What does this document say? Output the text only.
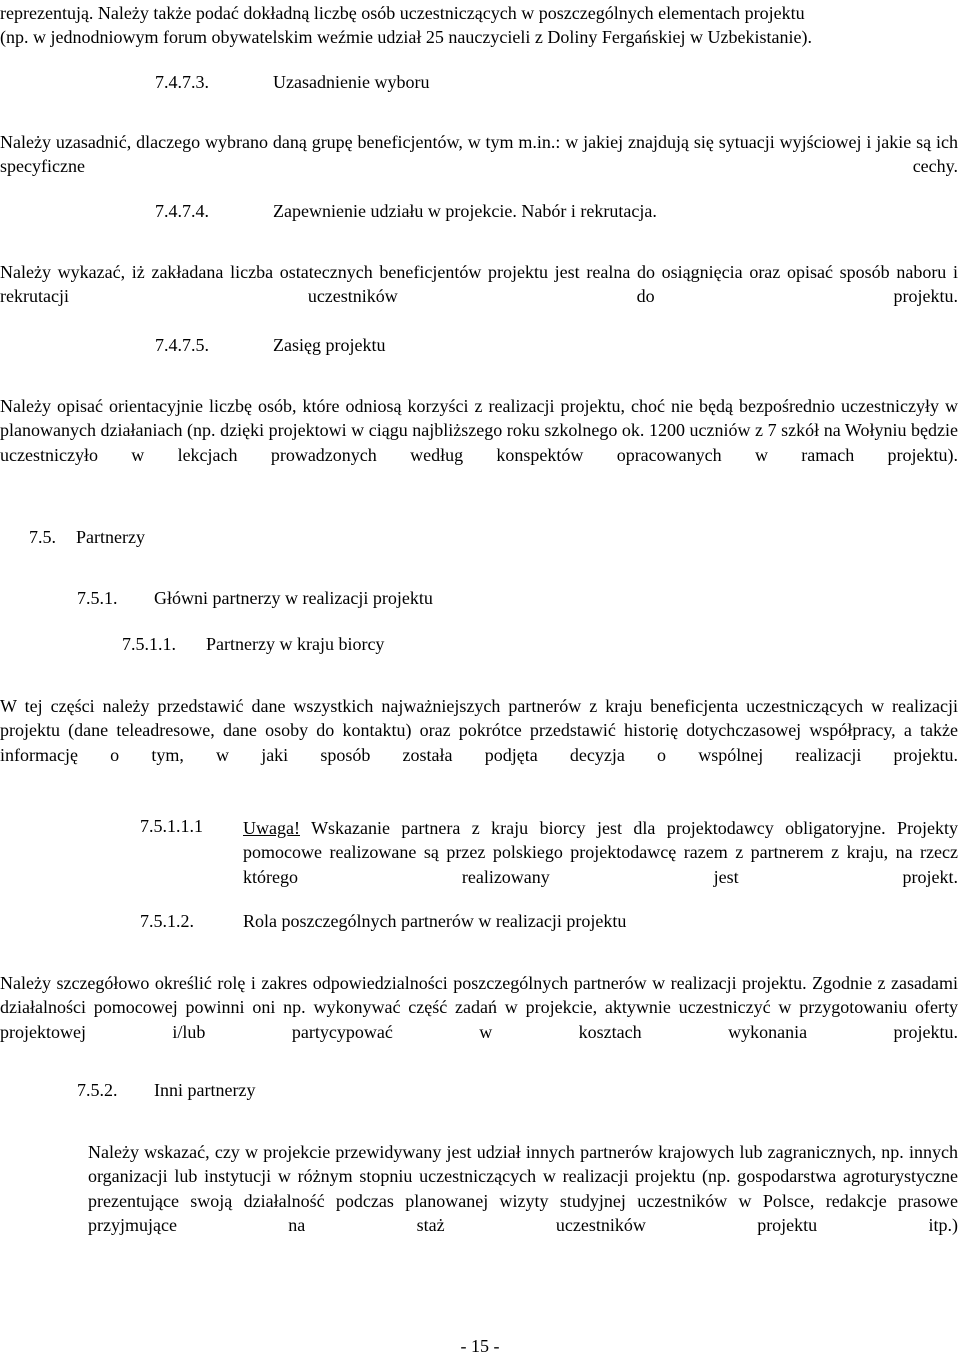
reprezentują. Należy także podać dokładną liczbę osób uczestniczących w poszczególnych elementach projektu

(np. w jednodniowym forum obywatelskim weźmie udział 25 nauczycieli z Doliny Fergańskiej w Uzbekistanie).

7.4.7.3.	Uzasadnienie wyboru

Należy uzasadnić, dlaczego wybrano daną grupę beneficjentów, w tym m.in.: w jakiej znajdują się sytuacji wyjściowej i jakie są ich specyficzne cechy.

7.4.7.4.	Zapewnienie udziału w projekcie. Nabór i rekrutacja.

Należy wykazać, iż zakładana liczba ostatecznych beneficjentów projektu jest realna do osiągnięcia oraz opisać sposób naboru i rekrutacji uczestników do projektu.

7.4.7.5.	Zasięg projektu

Należy opisać orientacyjnie liczbę osób, które odniosą korzyści z realizacji projektu, choć nie będą bezpośrednio uczestniczyły w planowanych działaniach (np. dzięki projektowi w ciągu najbliższego roku szkolnego ok. 1200 uczniów z 7 szkół na Wołyniu będzie uczestniczyło w lekcjach prowadzonych według konspektów opracowanych w ramach projektu).

7.5. Partnerzy
7.5.1. Główni partnerzy w realizacji projektu
7.5.1.1. Partnerzy w kraju biorcy

W tej części należy przedstawić dane wszystkich najważniejszych partnerów z kraju beneficjenta uczestniczących w realizacji projektu (dane teleadresowe, dane osoby do kontaktu) oraz pokrótce przedstawić historię dotychczasowej współpracy, a także informację o tym, w jaki sposób została podjęta decyzja o wspólnej realizacji projektu.

7.5.1.1.1 Uwaga! Wskazanie partnera z kraju biorcy jest dla projektodawcy obligatoryjne. Projekty pomocowe realizowane są przez polskiego projektodawcę razem z partnerem z kraju, na rzecz którego realizowany jest projekt.

7.5.1.2.	Rola poszczególnych partnerów w realizacji projektu

Należy szczegółowo określić rolę i zakres odpowiedzialności poszczególnych partnerów w realizacji projektu. Zgodnie z zasadami działalności pomocowej powinni oni np. wykonywać część zadań w projekcie, aktywnie uczestniczyć w przygotowaniu oferty projektowej i/lub partycypować w kosztach wykonania projektu.

7.5.2. Inni partnerzy

Należy wskazać, czy w projekcie przewidywany jest udział innych partnerów krajowych lub zagranicznych, np. innych organizacji lub instytucji w różnym stopniu uczestniczących w realizacji projektu (np. gospodarstwa agroturystyczne prezentujące swoją działalność podczas planowanej wizyty studyjnej uczestników w Polsce, redakcje prasowe przyjmujące na staż uczestników projektu itp.)

- 15 -
